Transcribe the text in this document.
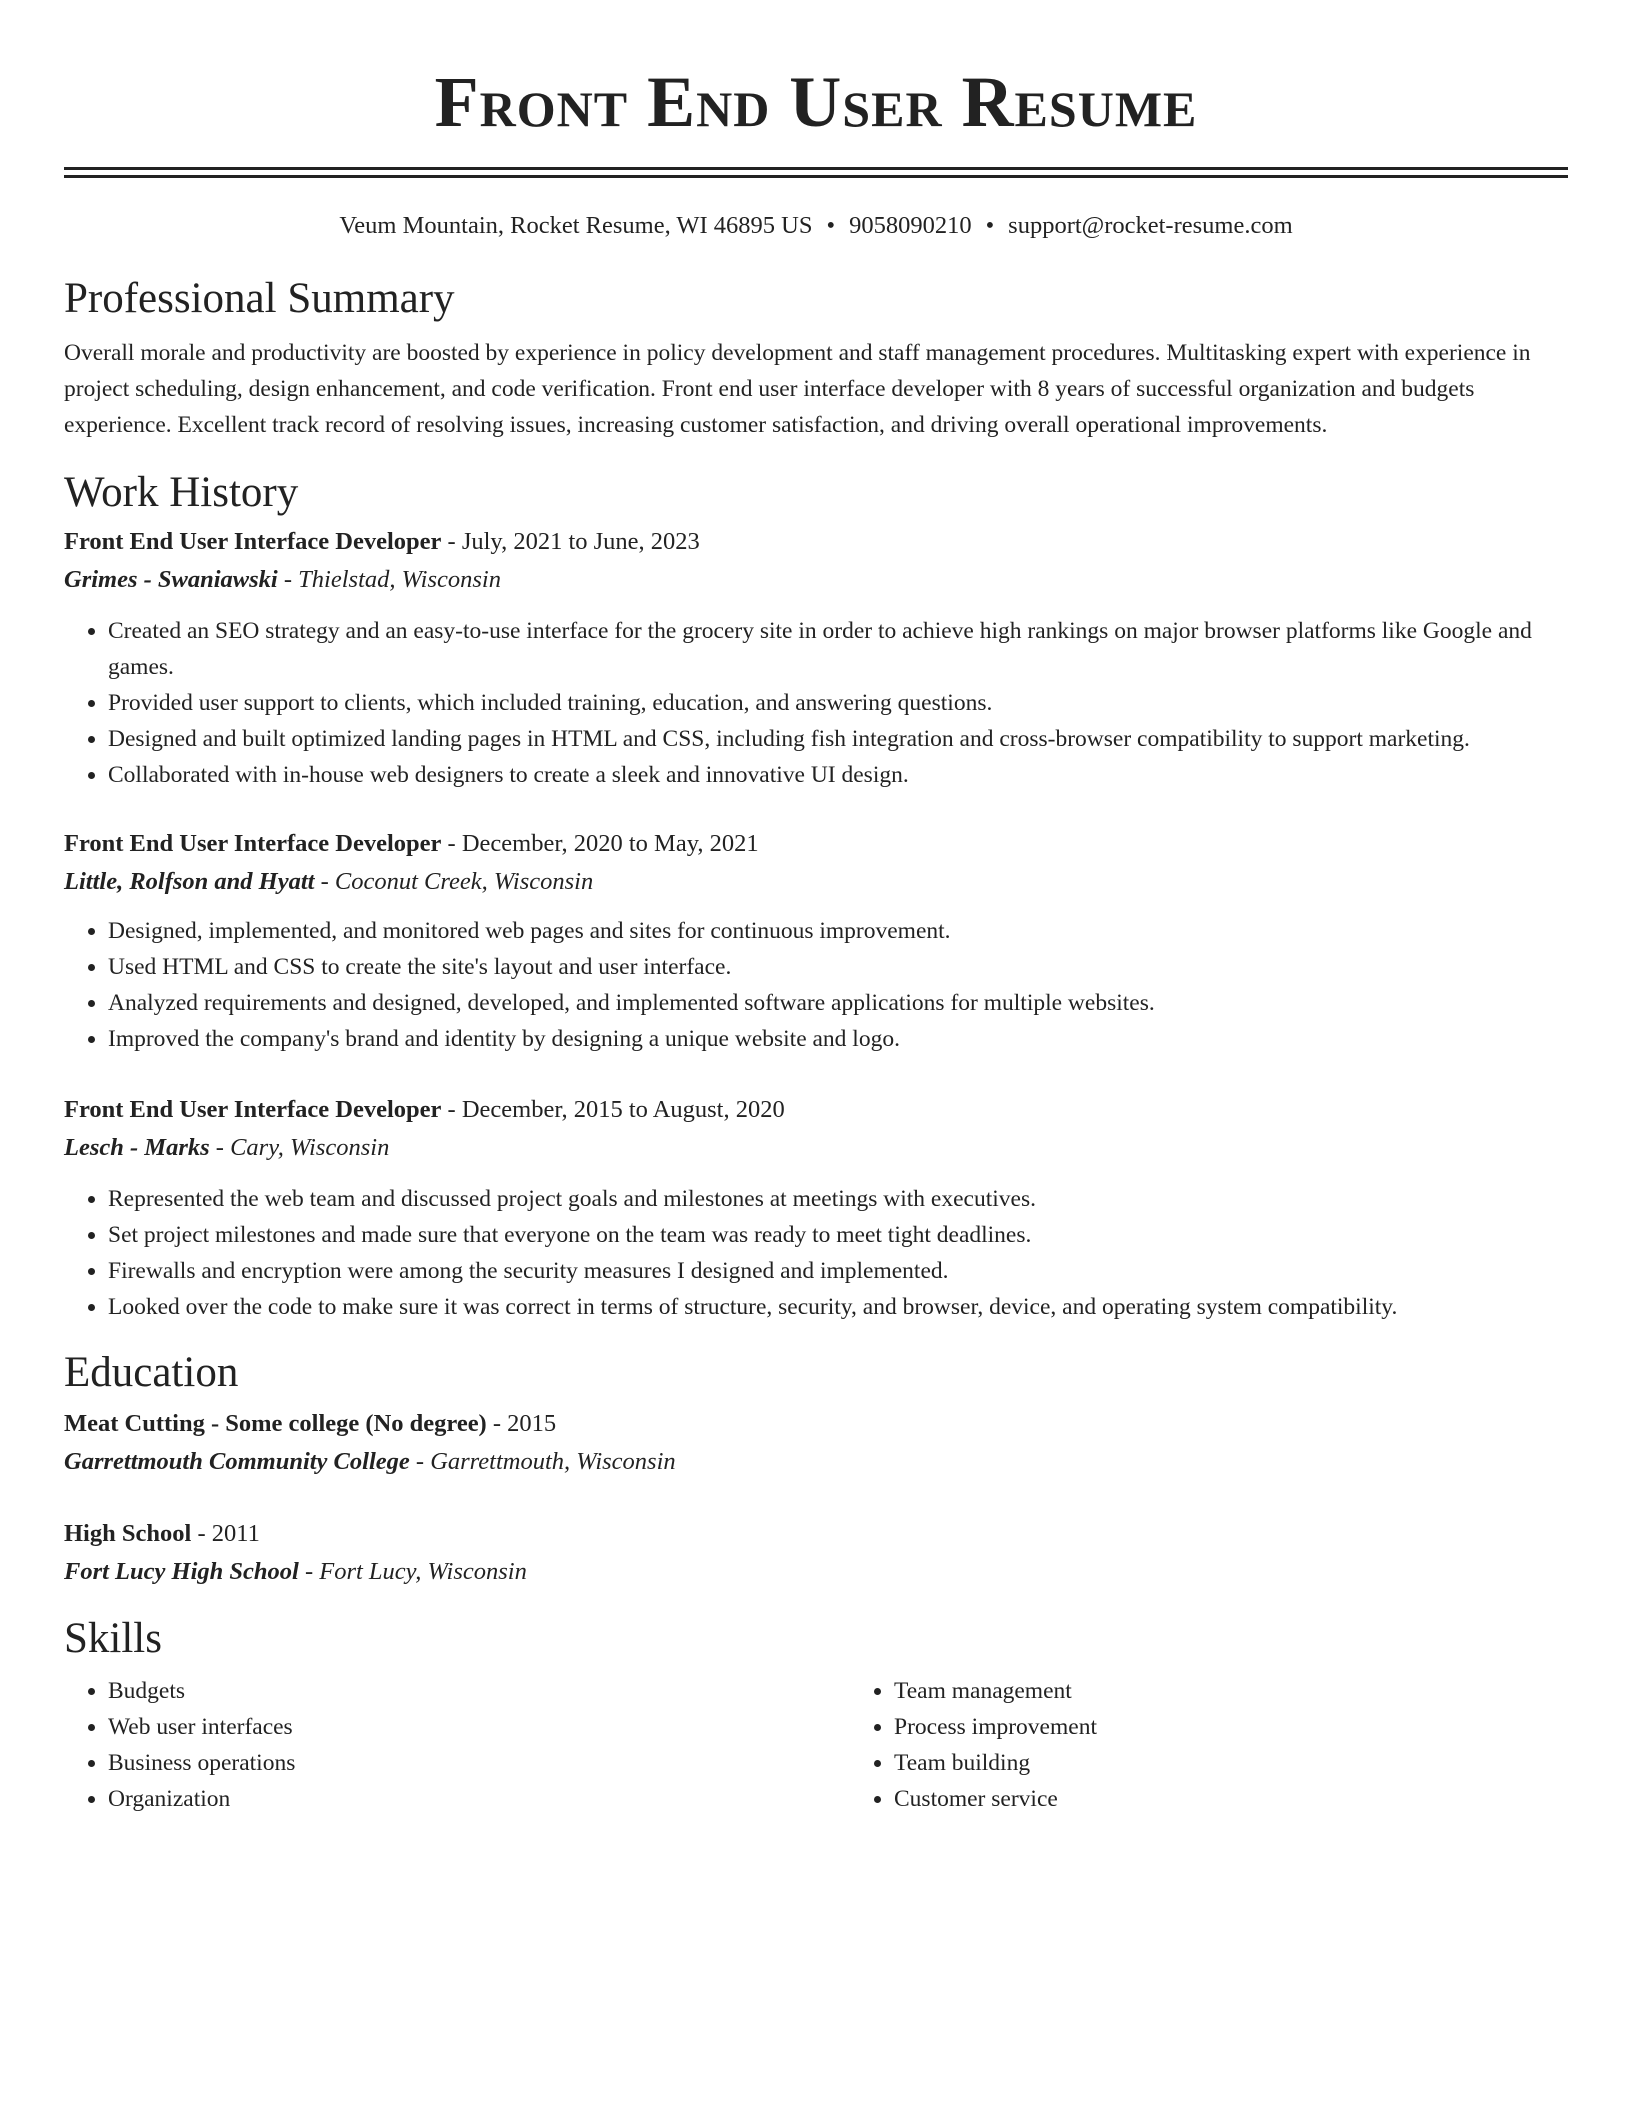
Front End User Resume
Veum Mountain, Rocket Resume, WI 46895 US • 9058090210 • support@rocket-resume.com
Professional Summary

Overall morale and productivity are boosted by experience in policy development and staff management procedures. Multitasking expert with experience in project scheduling, design enhancement, and code verification. Front end user interface developer with 8 years of successful organization and budgets experience. Excellent track record of resolving issues, increasing customer satisfaction, and driving overall operational improvements.

Work History

Front End User Interface Developer - July, 2021 to June, 2023

Grimes - Swaniawski - Thielstad, Wisconsin

• Created an SEO strategy and an easy-to-use interface for the grocery site in order to achieve high rankings on major browser platforms like Google and games.
• Provided user support to clients, which included training, education, and answering questions.
• Designed and built optimized landing pages in HTML and CSS, including fish integration and cross-browser compatibility to support marketing.
• Collaborated with in-house web designers to create a sleek and innovative UI design.

Front End User Interface Developer - December, 2020 to May, 2021

Little, Rolfson and Hyatt - Coconut Creek, Wisconsin

• Designed, implemented, and monitored web pages and sites for continuous improvement.
• Used HTML and CSS to create the site's layout and user interface.
• Analyzed requirements and designed, developed, and implemented software applications for multiple websites.
• Improved the company's brand and identity by designing a unique website and logo.

Front End User Interface Developer - December, 2015 to August, 2020

Lesch - Marks - Cary, Wisconsin

• Represented the web team and discussed project goals and milestones at meetings with executives.
• Set project milestones and made sure that everyone on the team was ready to meet tight deadlines.
• Firewalls and encryption were among the security measures I designed and implemented.
• Looked over the code to make sure it was correct in terms of structure, security, and browser, device, and operating system compatibility.
Education

Meat Cutting - Some college (No degree) - 2015

Garrettmouth Community College - Garrettmouth, Wisconsin

High School - 2011

Fort Lucy High School - Fort Lucy, Wisconsin

Skills
• Budgets
• Web user interfaces
• Business operations
• Organization
• Team management
• Process improvement
• Team building
• Customer service
